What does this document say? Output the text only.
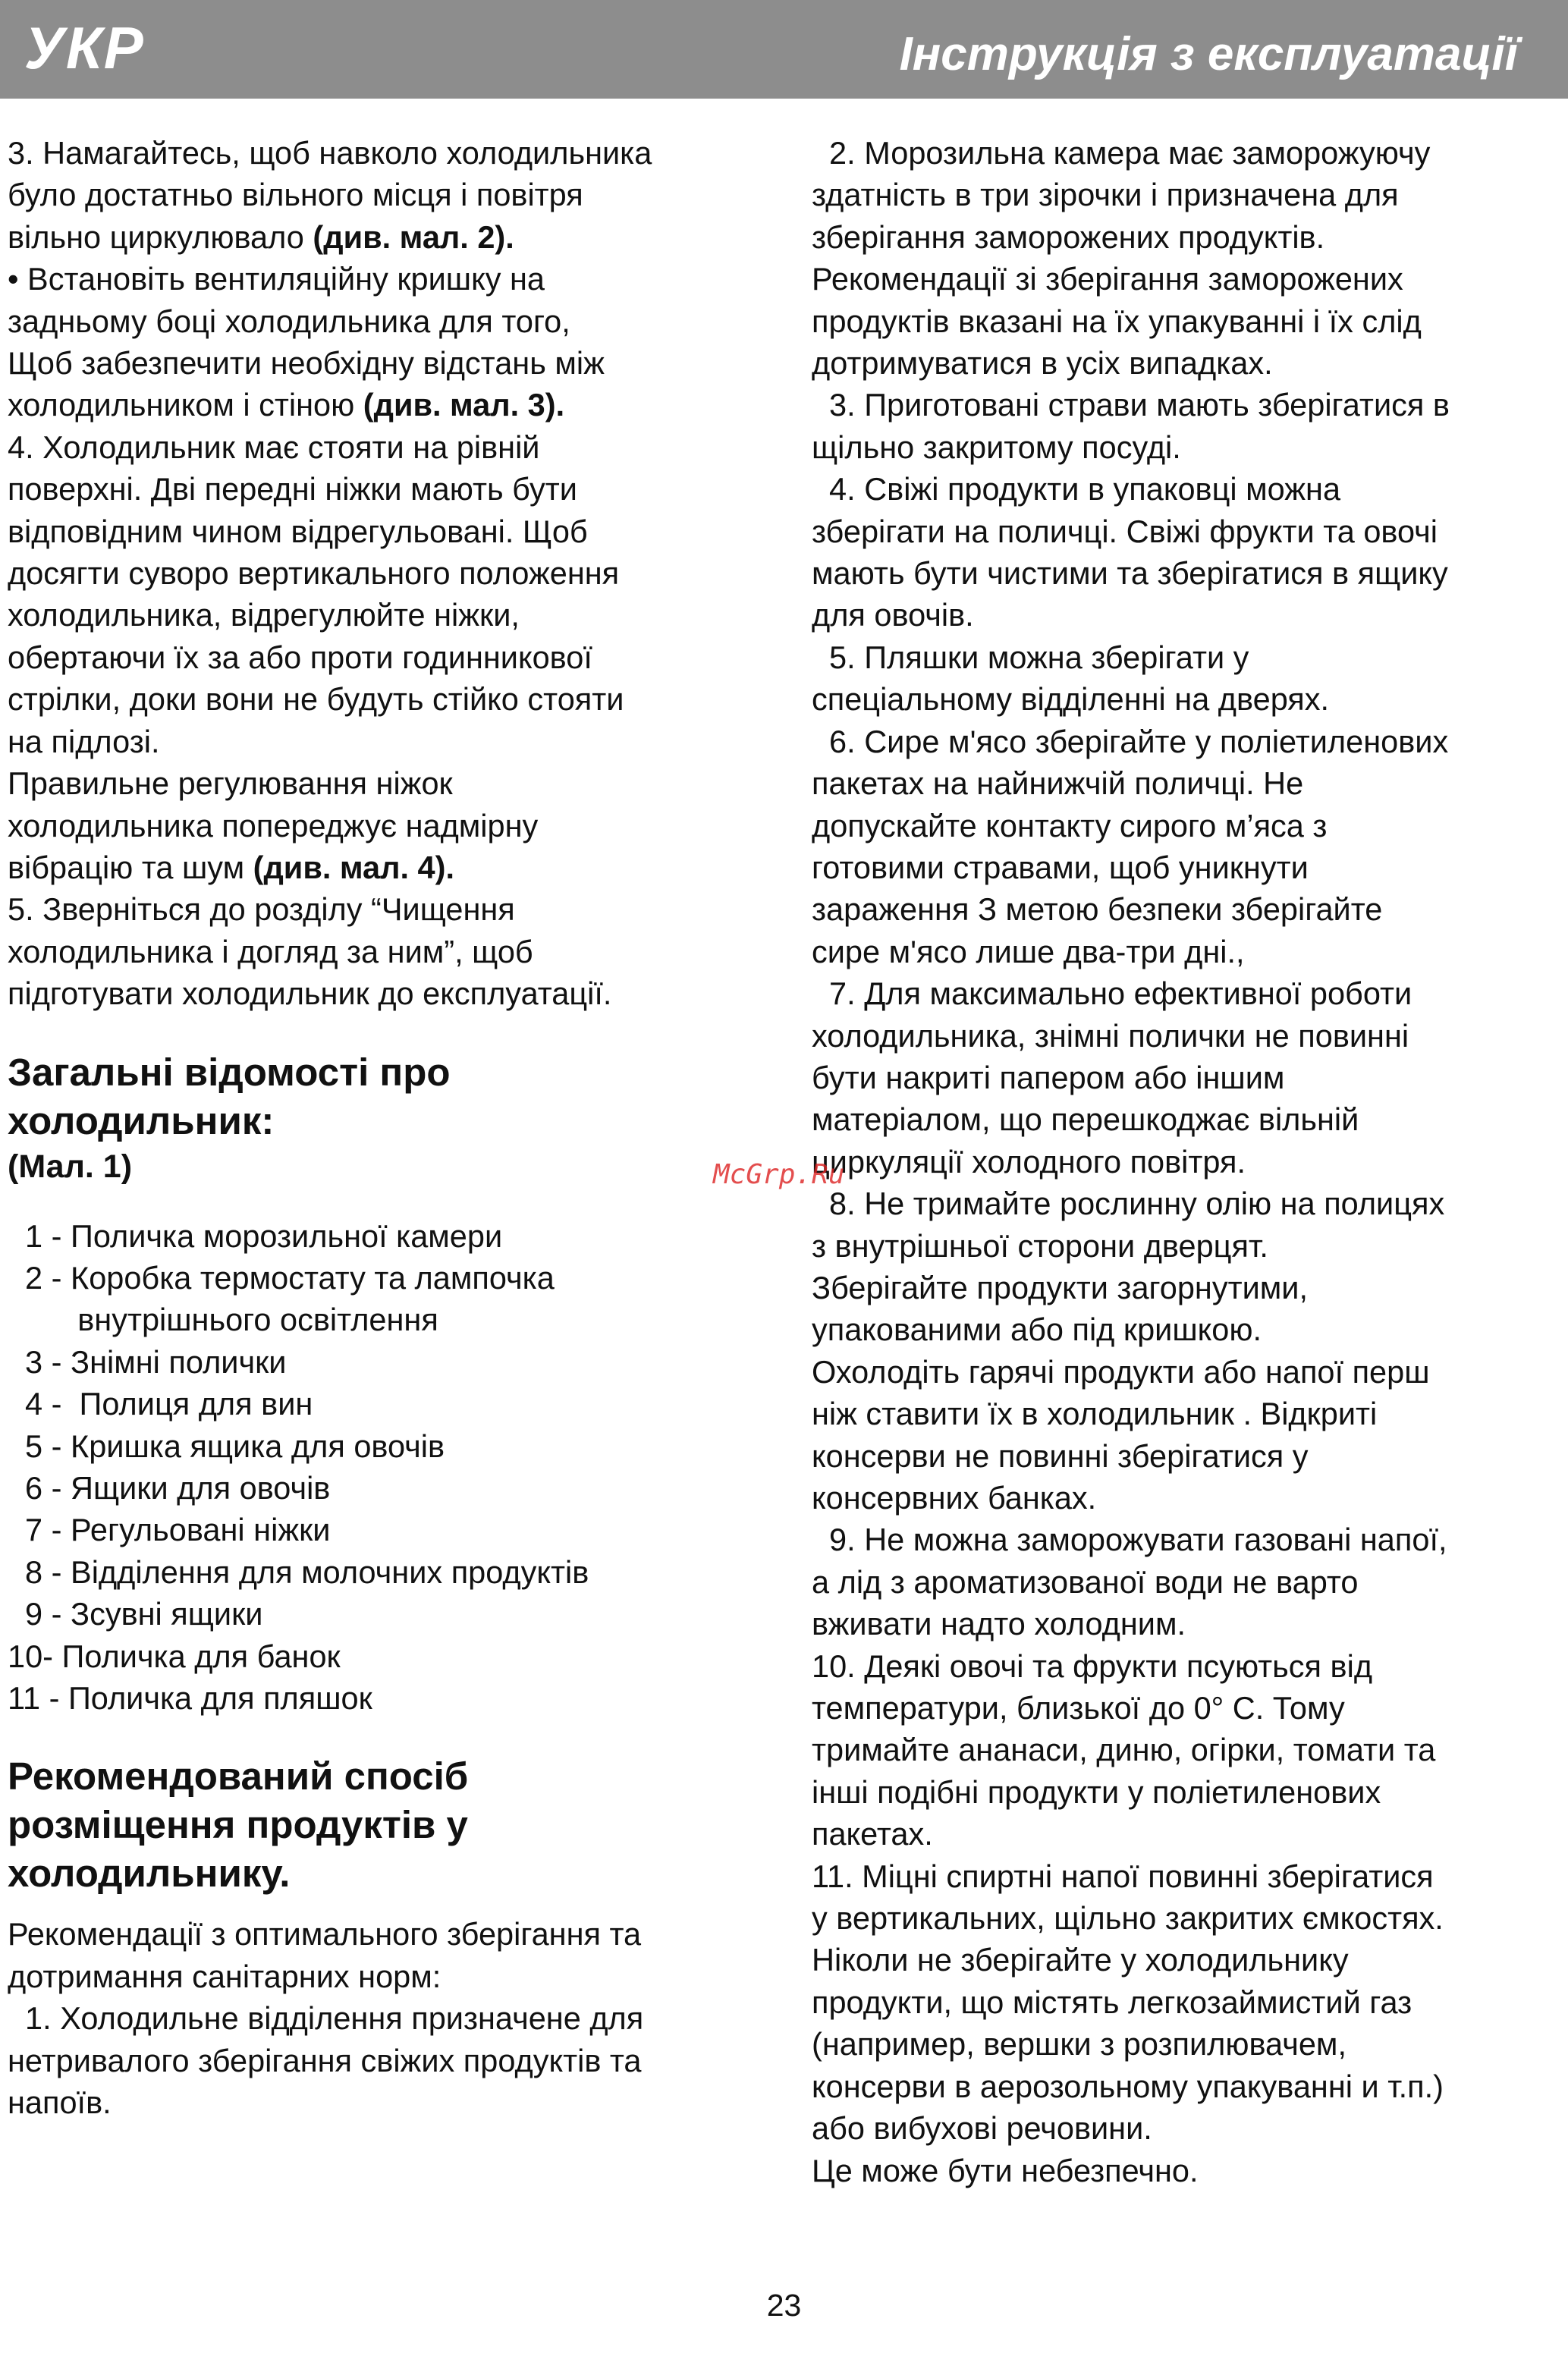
УКР	Інструкція з експлуатації
3. Намагайтесь, щоб навколо холодильника
було достатньо вільного місця і повітря
вільно циркулювало (див. мал. 2).
• Встановіть вентиляційну кришку на
задньому боці холодильника для того,
Щоб забезпечити необхідну відстань між
холодильником і стіною (див. мал. 3).
4. Холодильник має стояти на рівній
поверхні. Дві передні ніжки мають бути
відповідним чином відрегульовані. Щоб
досягти суворо вертикального положення
холодильника, відрегулюйте ніжки,
обертаючи їх за або проти годинникової
стрілки, доки вони не будуть стійко стояти
на підлозі.
Правильне регулювання ніжок
холодильника попереджує надмірну
вібрацію та шум (див. мал. 4).
5. Зверніться до розділу “Чищення
холодильника і догляд за ним”, щоб
підготувати холодильник до експлуатації.
Загальні відомості про
холодильник:
(Мал. 1)
1 - Поличка морозильної камери
2 - Коробка термостату та лампочка
внутрішнього освітлення
3 - Знімні полички
4 -  Полиця для вин
5 - Кришка ящика для овочів
6 - Ящики для овочів
7 - Регульовані ніжки
8 - Відділення для молочних продуктів
9 - Зсувні ящики
10- Поличка для банок
11 - Поличка для пляшок
Рекомендований спосіб
розміщення продуктів у
холодильнику.
Рекомендації з оптимального зберігання та
дотримання санітарних норм:
1. Холодильне відділення призначене для
нетривалого зберігання свіжих продуктів та
напоїв.
2. Морозильна камера має заморожуючу
здатність в три зірочки і призначена для
зберігання заморожених продуктів.
Рекомендації зі зберігання заморожених
продуктів вказані на їх упакуванні і їх слід
дотримуватися в усіх випадках.
3. Приготовані страви мають зберігатися в
щільно закритому посуді.
4. Свіжі продукти в упаковці можна
зберігати на поличці. Свіжі фрукти та овочі
мають бути чистими та зберігатися в ящику
для овочів.
5. Пляшки можна зберігати у
спеціальному відділенні на дверях.
6. Сире м'ясо зберігайте у поліетиленових
пакетах на найнижчій поличці. Не
допускайте контакту сирого м’яса з
готовими стравами, щоб уникнути
зараження З метою безпеки зберігайте
сире м'ясо лише два-три дні.,
7. Для максимально ефективної роботи
холодильника, знімні полички не повинні
бути накриті папером або іншим
матеріалом, що перешкоджає вільній
циркуляції холодного повітря.
8. Не тримайте рослинну олію на полицях
з внутрішньої сторони дверцят.
Зберігайте продукти загорнутими,
упакованими або під кришкою.
Охолодіть гарячі продукти або напої перш
ніж ставити їх в холодильник . Відкриті
консерви не повинні зберігатися у
консервних банках.
9. Не можна заморожувати газовані напої,
а лід з ароматизованої води не варто
вживати надто холодним.
10. Деякі овочі та фрукти псуються від
температури, близької до 0° С. Тому
тримайте ананаси, диню, огірки, томати та
інші подібні продукти у поліетиленових
пакетах.
11. Міцні спиртні напої повинні зберігатися
у вертикальних, щільно закритих ємкостях.
Ніколи не зберігайте у холодильнику
продукти, що містять легкозаймистий газ
(например, вершки з розпилювачем,
консерви в аерозольному упакуванні и т.п.)
або вибухові речовини.
Це може бути небезпечно.
McGrp.Ru
23
